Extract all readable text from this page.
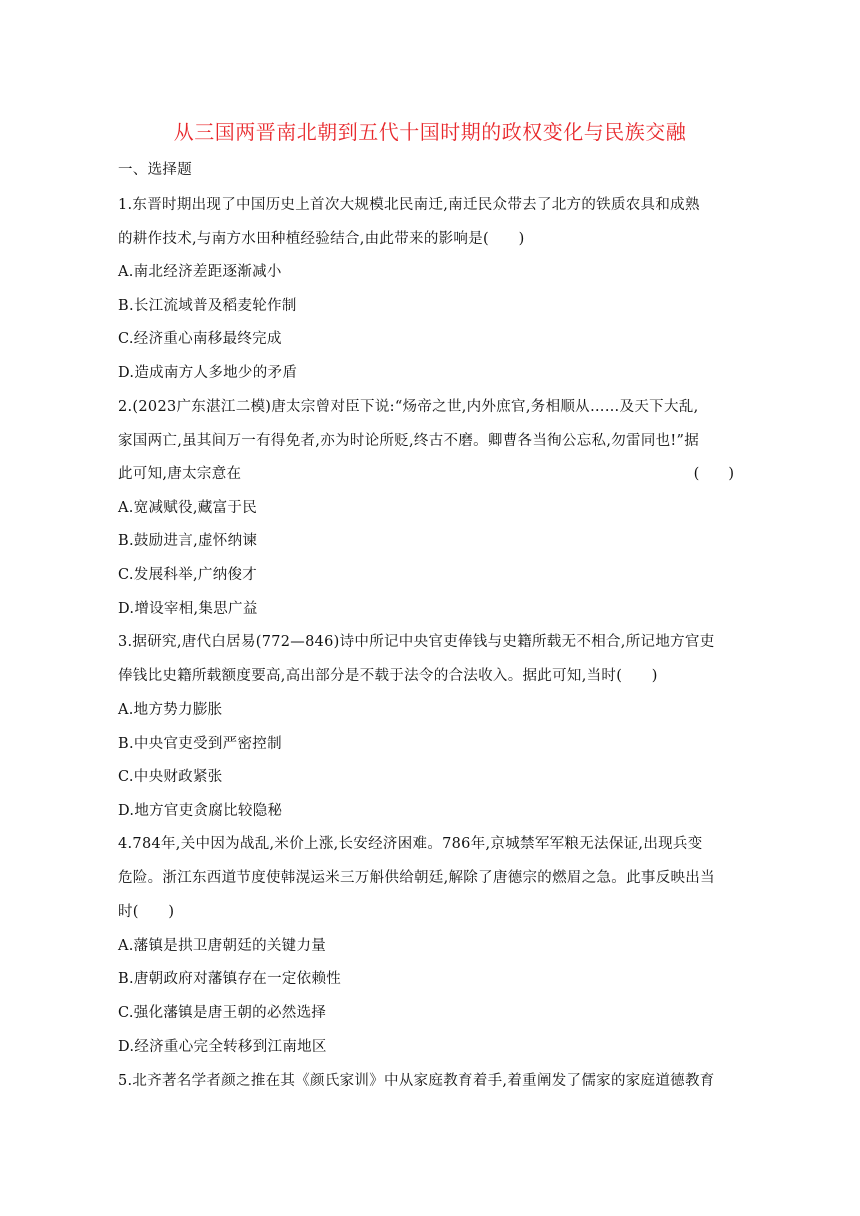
从三国两晋南北朝到五代十国时期的政权变化与民族交融
一、选择题
1.东晋时期出现了中国历史上首次大规模北民南迁,南迁民众带去了北方的铁质农具和成熟
的耕作技术,与南方水田种植经验结合,由此带来的影响是(　　)
A.南北经济差距逐渐减小
B.长江流域普及稻麦轮作制
C.经济重心南移最终完成
D.造成南方人多地少的矛盾
2.(2023广东湛江二模)唐太宗曾对臣下说:“炀帝之世,内外庶官,务相顺从……及天下大乱,
家国两亡,虽其间万一有得免者,亦为时论所贬,终古不磨。卿曹各当徇公忘私,勿雷同也!”据
此可知,唐太宗意在	(　　)
A.宽减赋役,藏富于民
B.鼓励进言,虚怀纳谏
C.发展科举,广纳俊才
D.增设宰相,集思广益
3.据研究,唐代白居易(772—846)诗中所记中央官吏俸钱与史籍所载无不相合,所记地方官吏
俸钱比史籍所载额度要高,高出部分是不载于法令的合法收入。据此可知,当时(　　)
A.地方势力膨胀
B.中央官吏受到严密控制
C.中央财政紧张
D.地方官吏贪腐比较隐秘
4.784年,关中因为战乱,米价上涨,长安经济困难。786年,京城禁军军粮无法保证,出现兵变
危险。浙江东西道节度使韩滉运米三万斛供给朝廷,解除了唐德宗的燃眉之急。此事反映出当
时(　　)
A.藩镇是拱卫唐朝廷的关键力量
B.唐朝政府对藩镇存在一定依赖性
C.强化藩镇是唐王朝的必然选择
D.经济重心完全转移到江南地区
5.北齐著名学者颜之推在其《颜氏家训》中从家庭教育着手,着重阐发了儒家的家庭道德教育
